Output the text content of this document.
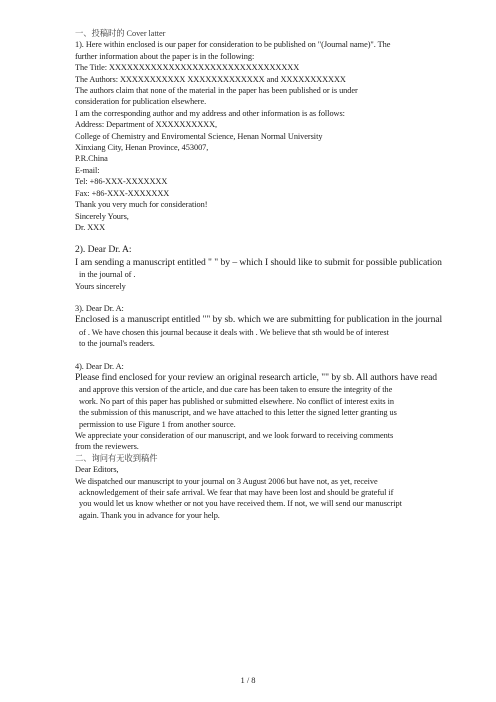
一、投稿时的 Cover latter
1). Here within enclosed is our paper for consideration to be published on "(Journal name)". The
further information about the paper is in the following:
The Title: XXXXXXXXXXXXXXXXXXXXXXXXXXXXXXXX
The Authors: XXXXXXXXXXX XXXXXXXXXXXXX and XXXXXXXXXXX
The authors claim that none of the material in the paper has been published or is under
consideration for publication elsewhere.
I am the corresponding author and my address and other information is as follows:
Address: Department of XXXXXXXXXX,
College of Chemistry and Enviromental Science, Henan Normal University
Xinxiang City, Henan Province, 453007,
P.R.China
E-mail:
Tel: +86-XXX-XXXXXXX
Fax: +86-XXX-XXXXXXX
Thank you very much for consideration!
Sincerely Yours,
Dr. XXX
2). Dear Dr. A:
I am sending a manuscript entitled " " by – which I should like to submit for possible publication
in the journal of .
Yours sincerely
3). Dear Dr. A:
Enclosed is a manuscript entitled "" by sb. which we are submitting for publication in the journal
of . We have chosen this journal because it deals with . We believe that sth would be of interest
to the journal's readers.
4). Dear Dr. A:
Please find enclosed for your review an original research article, "" by sb. All authors have read
and approve this version of the article, and due care has been taken to ensure the integrity of the
work. No part of this paper has published or submitted elsewhere. No conflict of interest exits in
the submission of this manuscript, and we have attached to this letter the signed letter granting us
permission to use Figure 1 from another source.
We appreciate your consideration of our manuscript, and we look forward to receiving comments
from the reviewers.
二、询问有无收到稿件
Dear Editors,
We dispatched our manuscript to your journal on 3 August 2006 but have not, as yet, receive
acknowledgement of their safe arrival. We fear that may have been lost and should be grateful if
you would let us know whether or not you have received them. If not, we will send our manuscript
again. Thank you in advance for your help.
1 / 8
